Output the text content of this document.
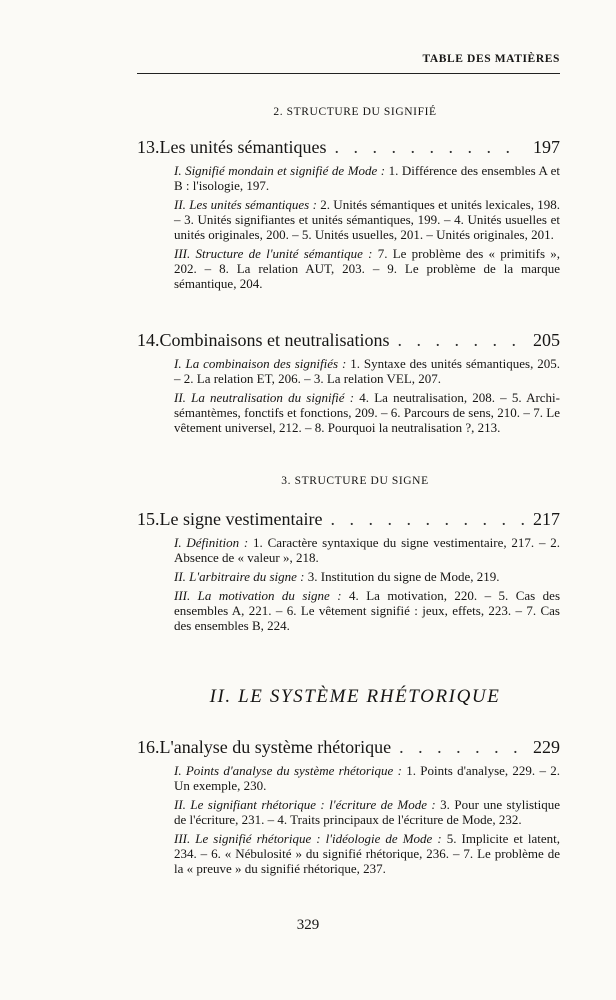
TABLE DES MATIÈRES
2. STRUCTURE DU SIGNIFIÉ
13. Les unités sémantiques . . .	197
I. Signifié mondain et signifié de Mode : 1. Différence des ensembles A et B : l'isologie, 197.
II. Les unités sémantiques : 2. Unités sémantiques et unités lexicales, 198. – 3. Unités signifiantes et unités sémantiques, 199. – 4. Unités usuelles et unités originales, 200. – 5. Unités usuelles, 201. – Unités originales, 201.
III. Structure de l'unité sémantique : 7. Le problème des « primitifs », 202. – 8. La relation AUT, 203. – 9. Le problème de la marque sémantique, 204.
14. Combinaisons et neutralisations . . .	205
I. La combinaison des signifiés : 1. Syntaxe des unités sémantiques, 205. – 2. La relation ET, 206. – 3. La relation VEL, 207.
II. La neutralisation du signifié : 4. La neutralisation, 208. – 5. Archi-sémantèmes, fonctifs et fonctions, 209. – 6. Parcours de sens, 210. – 7. Le vêtement universel, 212. – 8. Pourquoi la neutralisation ?, 213.
3. STRUCTURE DU SIGNE
15. Le signe vestimentaire . . .	217
I. Définition : 1. Caractère syntaxique du signe vestimentaire, 217. – 2. Absence de « valeur », 218.
II. L'arbitraire du signe : 3. Institution du signe de Mode, 219.
III. La motivation du signe : 4. La motivation, 220. – 5. Cas des ensembles A, 221. – 6. Le vêtement signifié : jeux, effets, 223. – 7. Cas des ensembles B, 224.
II. LE SYSTÈME RHÉTORIQUE
16. L'analyse du système rhétorique . . .	229
I. Points d'analyse du système rhétorique : 1. Points d'analyse, 229. – 2. Un exemple, 230.
II. Le signifiant rhétorique : l'écriture de Mode : 3. Pour une stylistique de l'écriture, 231. – 4. Traits principaux de l'écriture de Mode, 232.
III. Le signifié rhétorique : l'idéologie de Mode : 5. Implicite et latent, 234. – 6. « Nébulosité » du signifié rhétorique, 236. – 7. Le problème de la « preuve » du signifié rhétorique, 237.
329
